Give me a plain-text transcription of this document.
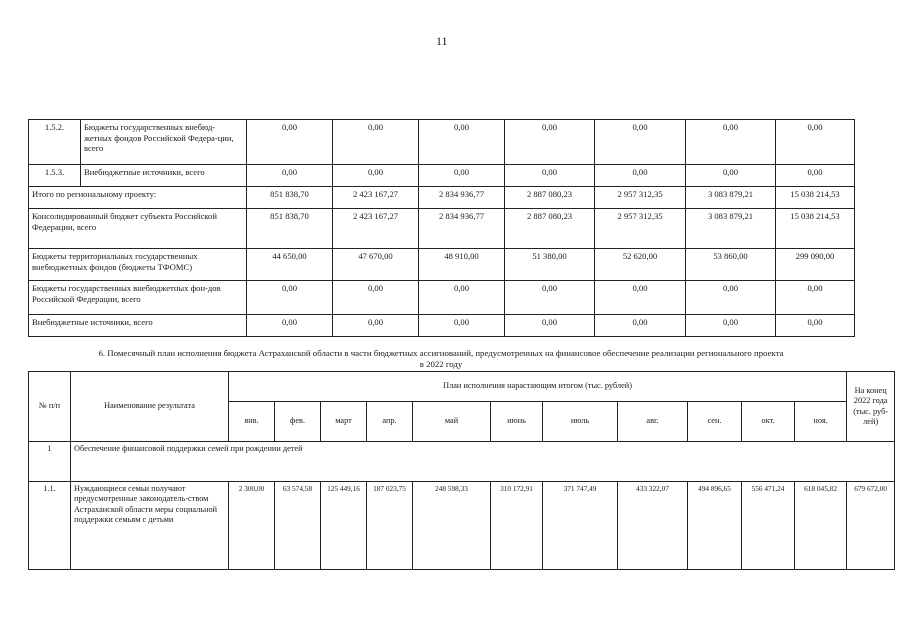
11
1.5.2.	Бюджеты государственных внебюд-жетных фондов Российской Федера-ции, всего	0,00	0,00	0,00	0,00	0,00	0,00	0,00
1.5.3.	Внебюджетные источники, всего	0,00	0,00	0,00	0,00	0,00	0,00	0,00
Итого по региональному проекту:		851 838,70	2 423 167,27	2 834 936,77	2 887 080,23	2 957 312,35	3 083 879,21	15 038 214,53
Консолидированный бюджет субъекта Российской Федерации, всего		851 838,70	2 423 167,27	2 834 936,77	2 887 080,23	2 957 312,35	3 083 879,21	15 038 214,53
Бюджеты территориальных государственных внебюджетных фондов (бюджеты ТФОМС)		44 650,00	47 670,00	48 910,00	51 380,00	52 620,00	53 860,00	299 090,00
Бюджеты государственных внебюджетных фон-дов Российской Федерации, всего		0,00	0,00	0,00	0,00	0,00	0,00	0,00
Внебюджетные источники, всего		0,00	0,00	0,00	0,00	0,00	0,00	0,00
6. Помесячный план исполнения бюджета Астраханской области в части бюджетных ассигнований, предусмотренных на финансовое обеспечение реализации регионального проекта
в 2022 году
№ п/п	Наименование результата	План исполнения нарастающим итогом (тыс. рублей)											На конец 2022 года (тыс. руб-лей)
		янв.	фев.	март	апр.	май	июнь	июль	авг.	сен.	окт.	ноя.	
1	Обеспечение финансовой поддержки семей при рождении детей												
1.1.	Нуждающиеся семьи получают предусмотренные законодатель-ством Астраханской области меры социальной поддержки семьям с детьми	2 300,00	63 574,58	125 449,16	187 023,75	248 598,33	310 172,91	371 747,49	433 322,07	494 896,65	556 471,24	618 045,82	679 672,00
